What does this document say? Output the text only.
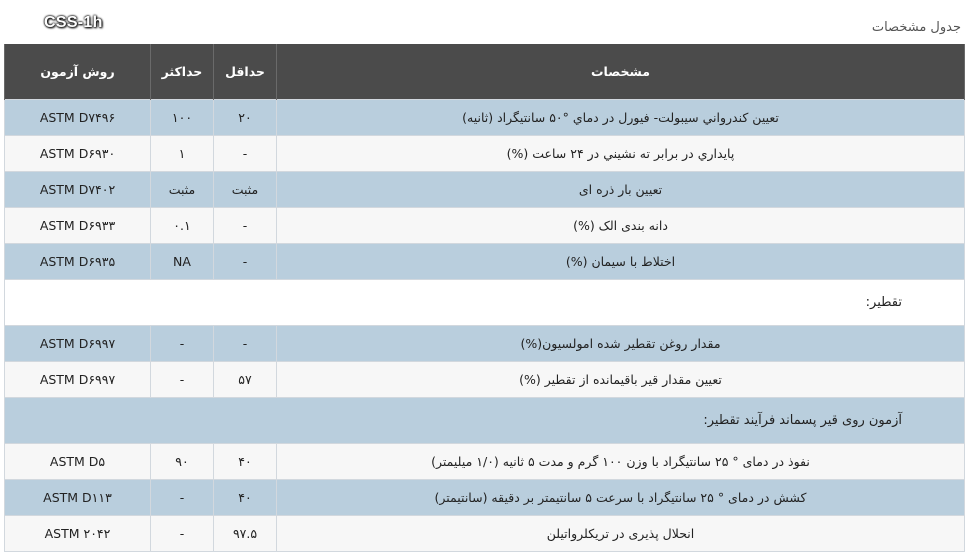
CSS-1h	جدول مشخصات
مشخصات	حداقل	حداكثر	روش آزمون
تعيين كندرواني سيبولت- فيورل در دماي °۵۰ سانتيگراد (ثانيه)	۲۰	۱۰۰	ASTM D۷۴۹۶
پايداري در برابر ته نشيني در ۲۴ ساعت (%)	-	۱	ASTM D۶۹۳۰
تعیین بار ذره ای	مثبت	مثبت	ASTM D۷۴۰۲
دانه بندی الک (%)	-	۰.۱	ASTM D۶۹۳۳
اختلاط با سیمان (%)	-	NA	ASTM D۶۹۳۵
تقطیر:			
مقدار روغن تقطیر شده امولسیون(%)	-	-	ASTM D۶۹۹۷
تعیین مقدار قیر باقیمانده از تقطیر (%)	۵۷	-	ASTM D۶۹۹۷
آزمون روی قیر پسماند فرآیند تقطیر:			
نفوذ در دمای ° ۲۵ سانتیگراد با وزن ۱۰۰ گرم و مدت ۵ ثانیه (۱/۰ میلیمتر)	۴۰	۹۰	ASTM D۵
کشش در دمای ° ۲۵ سانتیگراد با سرعت ۵ سانتیمتر بر دقیقه (سانتیمتر)	۴۰	-	ASTM D۱۱۳
انحلال پذیری در تریکلرواتیلن	۹۷.۵	-	ASTM ۲۰۴۲
